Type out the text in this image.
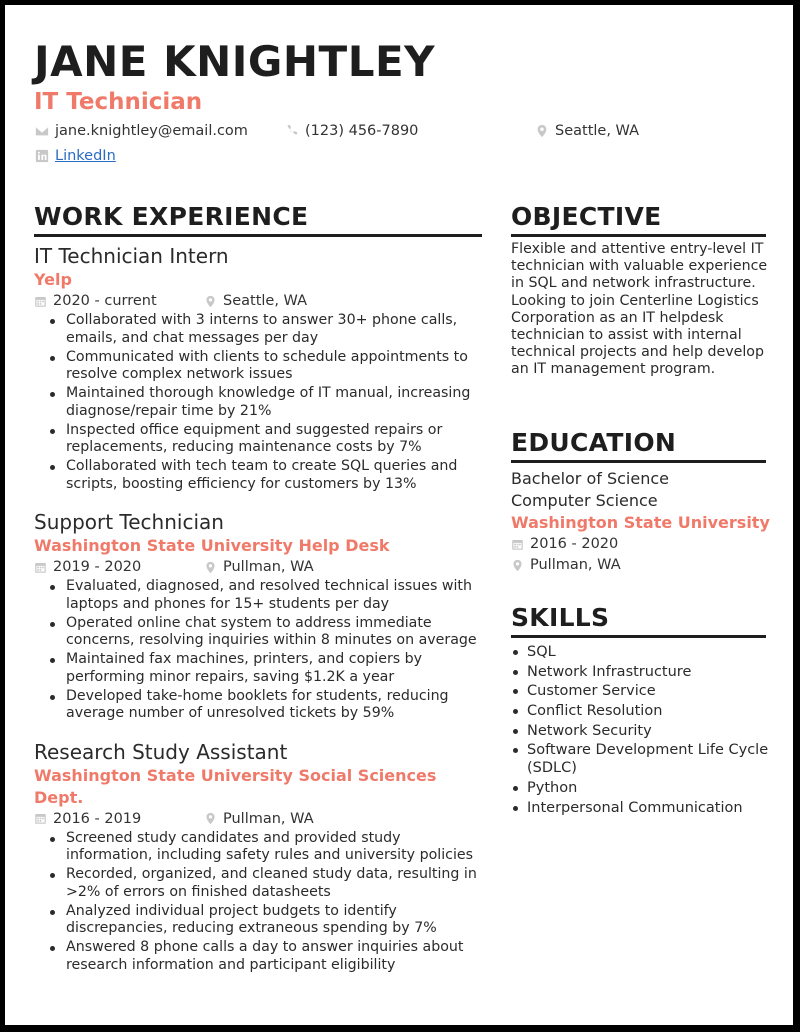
JANE KNIGHTLEY
IT Technician
jane.knightley@email.com	(123) 456-7890	Seattle, WA
LinkedIn
WORK EXPERIENCE	OBJECTIVE
EDUCATION
SKILLS
IT Technician Intern
Yelp
2020 - current	Seattle, WA
Collaborated with 3 interns to answer 30+ phone calls, emails, and chat messages per day
Communicated with clients to schedule appointments to resolve complex network issues
Maintained thorough knowledge of IT manual, increasing diagnose/repair time by 21%
Inspected office equipment and suggested repairs or replacements, reducing maintenance costs by 7%
Collaborated with tech team to create SQL queries and scripts, boosting efficiency for customers by 13%
Support Technician
Washington State University Help Desk
2019 - 2020	Pullman, WA
Evaluated, diagnosed, and resolved technical issues with laptops and phones for 15+ students per day
Operated online chat system to address immediate concerns, resolving inquiries within 8 minutes on average
Maintained fax machines, printers, and copiers by performing minor repairs, saving $1.2K a year
Developed take-home booklets for students, reducing average number of unresolved tickets by 59%
Research Study Assistant
Washington State University Social Sciences Dept.
2016 - 2019	Pullman, WA
Screened study candidates and provided study information, including safety rules and university policies
Recorded, organized, and cleaned study data, resulting in >2% of errors on finished datasheets
Analyzed individual project budgets to identify discrepancies, reducing extraneous spending by 7%
Answered 8 phone calls a day to answer inquiries about research information and participant eligibility
Flexible and attentive entry-level IT technician with valuable experience in SQL and network infrastructure. Looking to join Centerline Logistics Corporation as an IT helpdesk technician to assist with internal technical projects and help develop an IT management program.
Bachelor of Science
Computer Science
Washington State University
2016 - 2020
Pullman, WA
SQL
Network Infrastructure
Customer Service
Conflict Resolution
Network Security
Software Development Life Cycle (SDLC)
Python
Interpersonal Communication
